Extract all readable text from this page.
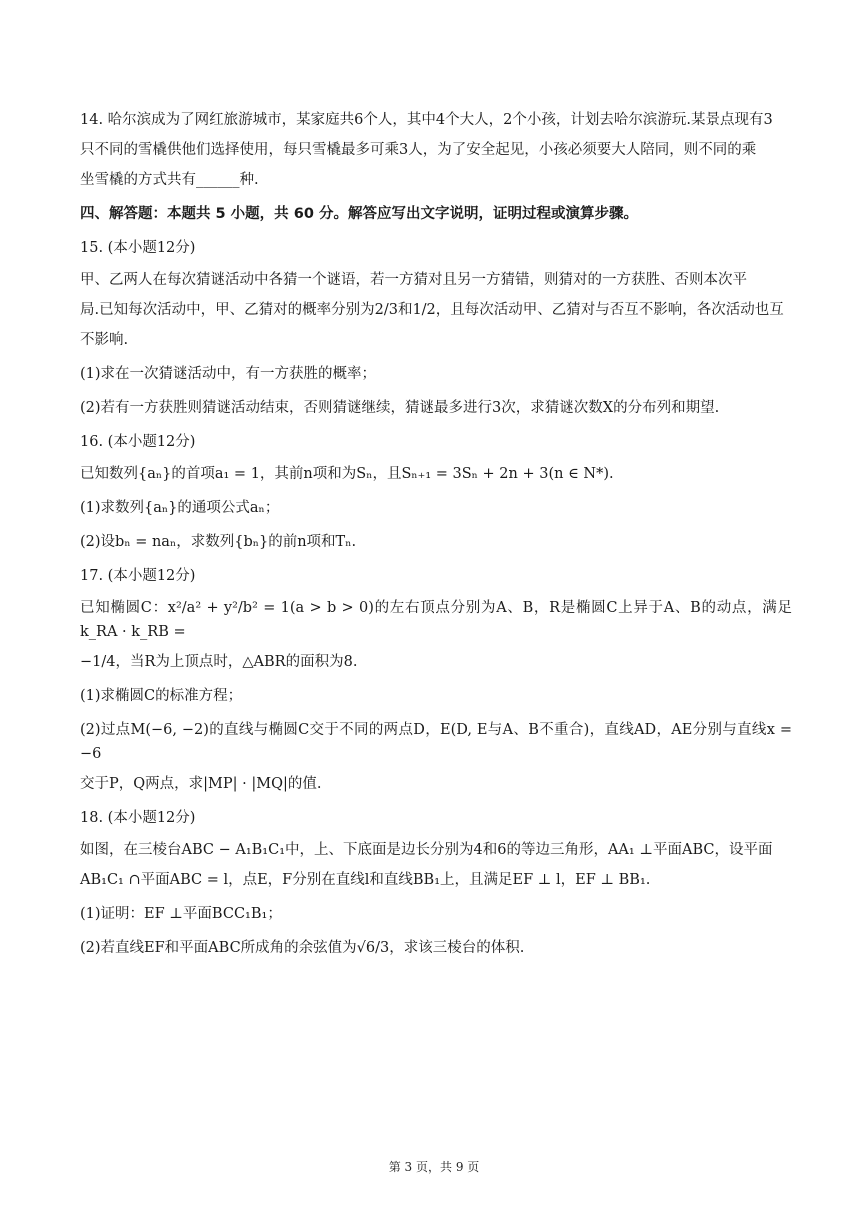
14. 哈尔滨成为了网红旅游城市，某家庭共6个人，其中4个大人，2个小孩，计划去哈尔滨游玩.某景点现有3

只不同的雪橇供他们选择使用，每只雪橇最多可乘3人，为了安全起见，小孩必须要大人陪同，则不同的乘

坐雪橇的方式共有______种.

四、解答题：本题共 5 小题，共 60 分。解答应写出文字说明，证明过程或演算步骤。

15. (本小题12分)

甲、乙两人在每次猜谜活动中各猜一个谜语，若一方猜对且另一方猜错，则猜对的一方获胜、否则本次平

局.已知每次活动中，甲、乙猜对的概率分别为2/3和1/2，且每次活动甲、乙猜对与否互不影响，各次活动也互

不影响.

(1)求在一次猜谜活动中，有一方获胜的概率；

(2)若有一方获胜则猜谜活动结束，否则猜谜继续，猜谜最多进行3次，求猜谜次数X的分布列和期望.

16. (本小题12分)

已知数列{aₙ}的首项a₁ = 1，其前n项和为Sₙ，且Sₙ₊₁ = 3Sₙ + 2n + 3(n ∈ N*).

(1)求数列{aₙ}的通项公式aₙ；

(2)设bₙ = naₙ，求数列{bₙ}的前n项和Tₙ.

17. (本小题12分)

已知椭圆C：x²/a² + y²/b² = 1(a > b > 0)的左右顶点分别为A、B，R是椭圆C上异于A、B的动点，满足k_RA · k_RB =

−1/4，当R为上顶点时，△ABR的面积为8.

(1)求椭圆C的标准方程；

(2)过点M(−6, −2)的直线与椭圆C交于不同的两点D，E(D, E与A、B不重合)，直线AD，AE分别与直线x = −6

交于P，Q两点，求|MP| · |MQ|的值.

18. (本小题12分)

如图，在三棱台ABC − A₁B₁C₁中，上、下底面是边长分别为4和6的等边三角形，AA₁ ⊥平面ABC，设平面

AB₁C₁ ∩平面ABC = l，点E，F分别在直线l和直线BB₁上，且满足EF ⊥ l，EF ⊥ BB₁.

(1)证明：EF ⊥平面BCC₁B₁；

(2)若直线EF和平面ABC所成角的余弦值为√6/3，求该三棱台的体积.

第 3 页，共 9 页
